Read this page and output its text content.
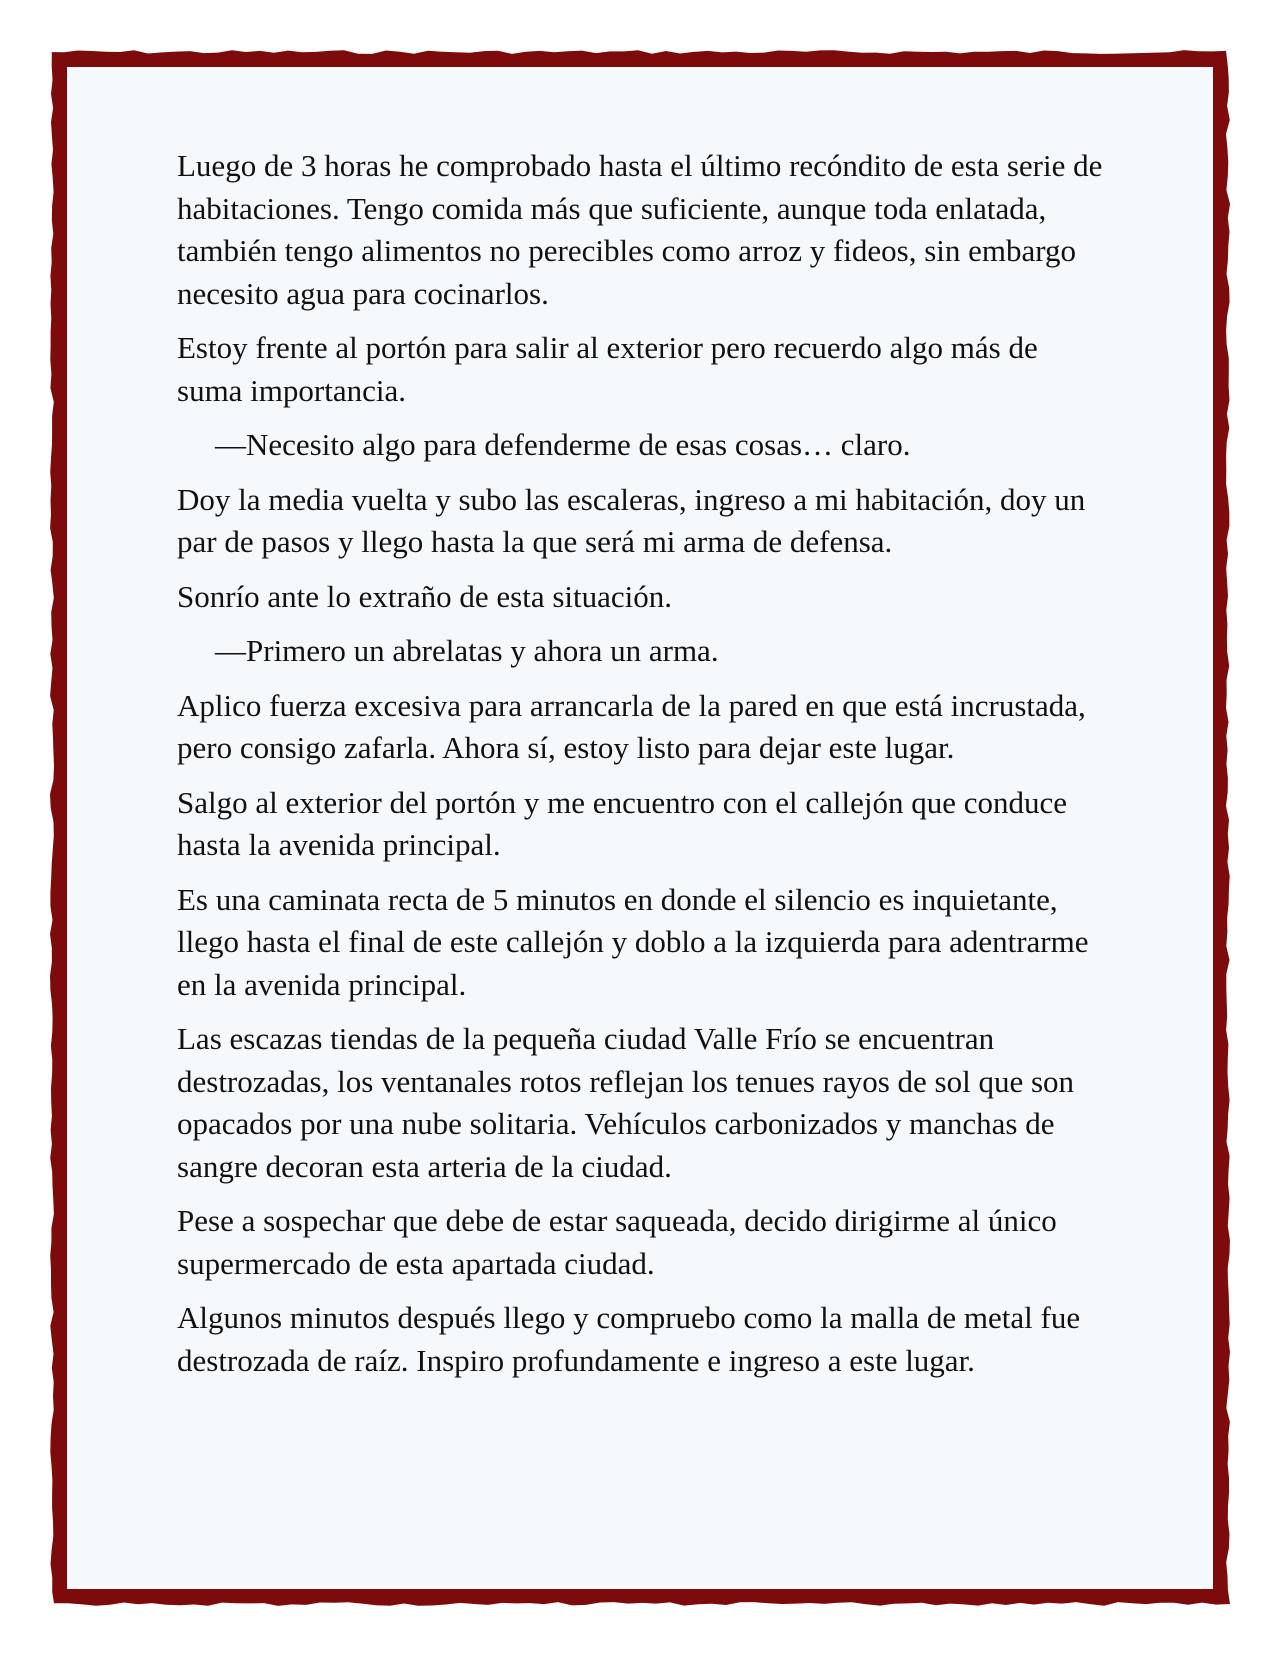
Luego de 3 horas he comprobado hasta el último recóndito de esta serie de habitaciones. Tengo comida más que suficiente, aunque toda enlatada, también tengo alimentos no perecibles como arroz y fideos, sin embargo necesito agua para cocinarlos.

Estoy frente al portón para salir al exterior pero recuerdo algo más de suma importancia.

—Necesito algo para defenderme de esas cosas… claro.

Doy la media vuelta y subo las escaleras, ingreso a mi habitación, doy un par de pasos y llego hasta la que será mi arma de defensa.

Sonrío ante lo extraño de esta situación.

—Primero un abrelatas y ahora un arma.

Aplico fuerza excesiva para arrancarla de la pared en que está incrustada, pero consigo zafarla. Ahora sí, estoy listo para dejar este lugar.

Salgo al exterior del portón y me encuentro con el callejón que conduce hasta la avenida principal.

Es una caminata recta de 5 minutos en donde el silencio es inquietante, llego hasta el final de este callejón y doblo a la izquierda para adentrarme en la avenida principal.

Las escazas tiendas de la pequeña ciudad Valle Frío se encuentran destrozadas, los ventanales rotos reflejan los tenues rayos de sol que son opacados por una nube solitaria. Vehículos carbonizados y manchas de sangre decoran esta arteria de la ciudad.

Pese a sospechar que debe de estar saqueada, decido dirigirme al único supermercado de esta apartada ciudad.

Algunos minutos después llego y compruebo como la malla de metal fue destrozada de raíz. Inspiro profundamente e ingreso a este lugar.
